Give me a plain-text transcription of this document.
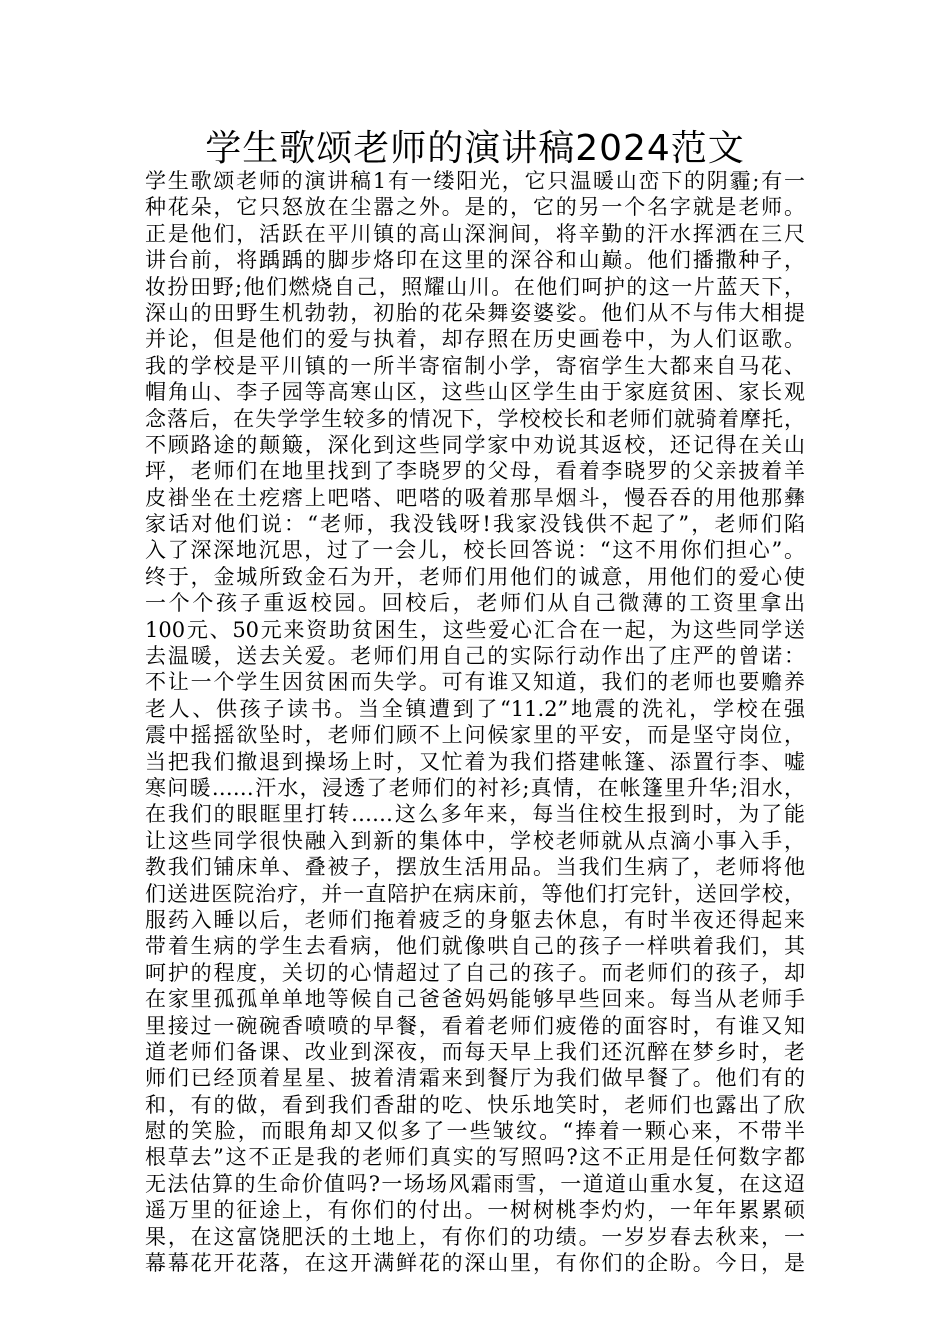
学生歌颂老师的演讲稿2024范文
学生歌颂老师的演讲稿1有一缕阳光，它只温暖山峦下的阴霾;有一
种花朵，它只怒放在尘嚣之外。是的，它的另一个名字就是老师。
正是他们，活跃在平川镇的高山深涧间，将辛勤的汗水挥洒在三尺
讲台前，将踽踽的脚步烙印在这里的深谷和山巅。他们播撒种子，
妆扮田野;他们燃烧自己，照耀山川。在他们呵护的这一片蓝天下，
深山的田野生机勃勃，初胎的花朵舞姿婆娑。他们从不与伟大相提
并论，但是他们的爱与执着，却存照在历史画卷中，为人们讴歌。
我的学校是平川镇的一所半寄宿制小学，寄宿学生大都来自马花、
帽角山、李子园等高寒山区，这些山区学生由于家庭贫困、家长观
念落后，在失学学生较多的情况下，学校校长和老师们就骑着摩托，
不顾路途的颠簸，深化到这些同学家中劝说其返校，还记得在关山
坪，老师们在地里找到了李晓罗的父母，看着李晓罗的父亲披着羊
皮褂坐在土疙瘩上吧嗒、吧嗒的吸着那旱烟斗，慢吞吞的用他那彝
家话对他们说：“老师，我没钱呀!我家没钱供不起了”，老师们陷
入了深深地沉思，过了一会儿，校长回答说：“这不用你们担心”。
终于，金城所致金石为开，老师们用他们的诚意，用他们的爱心使
一个个孩子重返校园。回校后，老师们从自己微薄的工资里拿出
100元、50元来资助贫困生，这些爱心汇合在一起，为这些同学送
去温暖，送去关爱。老师们用自己的实际行动作出了庄严的曾诺：
不让一个学生因贫困而失学。可有谁又知道，我们的老师也要赡养
老人、供孩子读书。当全镇遭到了“11.2”地震的洗礼，学校在强
震中摇摇欲坠时，老师们顾不上问候家里的平安，而是坚守岗位，
当把我们撤退到操场上时，又忙着为我们搭建帐篷、添置行李、嘘
寒问暖……汗水，浸透了老师们的衬衫;真情，在帐篷里升华;泪水，
在我们的眼眶里打转……这么多年来，每当住校生报到时，为了能
让这些同学很快融入到新的集体中，学校老师就从点滴小事入手，
教我们铺床单、叠被子，摆放生活用品。当我们生病了，老师将他
们送进医院治疗，并一直陪护在病床前，等他们打完针，送回学校，
服药入睡以后，老师们拖着疲乏的身躯去休息，有时半夜还得起来
带着生病的学生去看病，他们就像哄自己的孩子一样哄着我们，其
呵护的程度，关切的心情超过了自己的孩子。而老师们的孩子，却
在家里孤孤单单地等候自己爸爸妈妈能够早些回来。每当从老师手
里接过一碗碗香喷喷的早餐，看着老师们疲倦的面容时，有谁又知
道老师们备课、改业到深夜，而每天早上我们还沉醉在梦乡时，老
师们已经顶着星星、披着清霜来到餐厅为我们做早餐了。他们有的
和，有的做，看到我们香甜的吃、快乐地笑时，老师们也露出了欣
慰的笑脸，而眼角却又似多了一些皱纹。“捧着一颗心来，不带半
根草去”这不正是我的老师们真实的写照吗?这不正用是任何数字都
无法估算的生命价值吗?一场场风霜雨雪，一道道山重水复，在这迢
遥万里的征途上，有你们的付出。一树树桃李灼灼，一年年累累硕
果，在这富饶肥沃的土地上，有你们的功绩。一岁岁春去秋来，一
幕幕花开花落，在这开满鲜花的深山里，有你们的企盼。今日，是
